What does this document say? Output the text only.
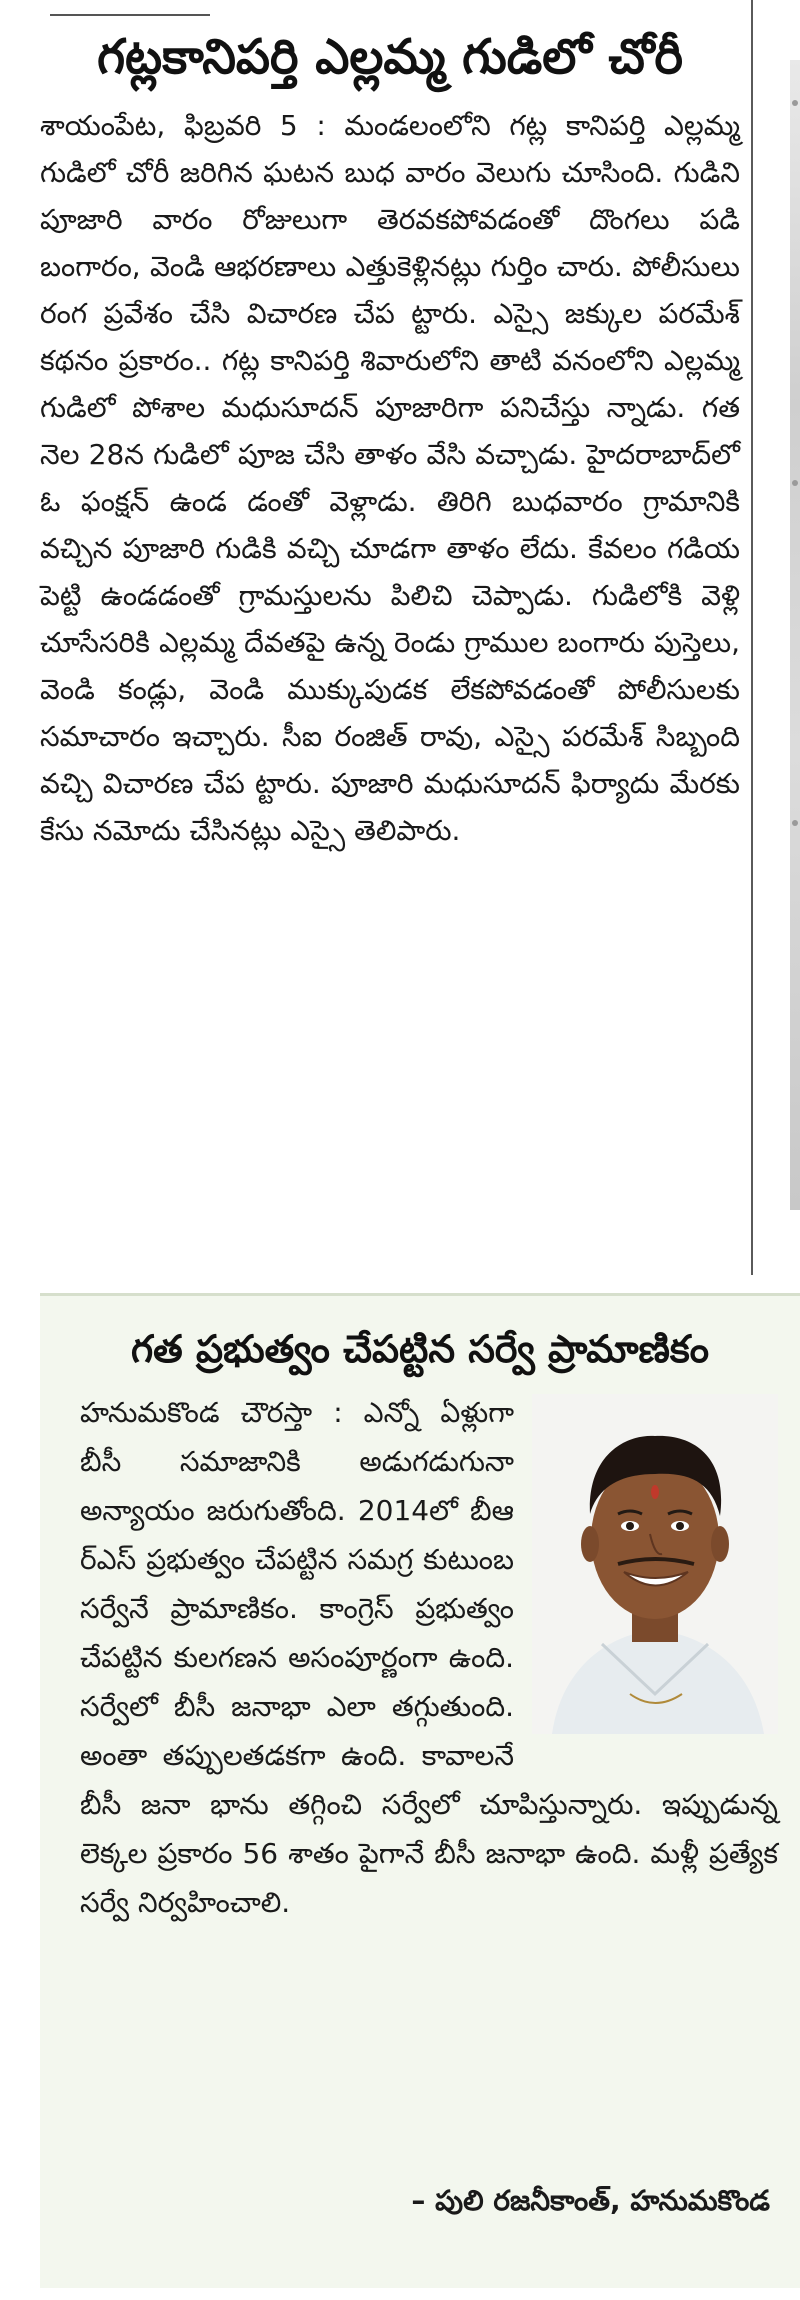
గట్లకానిపర్తి ఎల్లమ్మ గుడిలో చోరీ

శాయంపేట, ఫిబ్రవరి 5 : మండలంలోని గట్ల కానిపర్తి ఎల్లమ్మ గుడిలో చోరీ జరిగిన ఘటన బుధ వారం వెలుగు చూసింది. గుడిని పూజారి వారం రోజులుగా తెరవకపోవడంతో దొంగలు పడి బంగారం, వెండి ఆభరణాలు ఎత్తుకెళ్లినట్లు గుర్తిం చారు. పోలీసులు రంగ ప్రవేశం చేసి విచారణ చేప ట్టారు. ఎస్సై జక్కుల పరమేశ్ కథనం ప్రకారం.. గట్ల కానిపర్తి శివారులోని తాటి వనంలోని ఎల్లమ్మ గుడిలో పోశాల మధుసూదన్ పూజారిగా పనిచేస్తు న్నాడు. గత నెల 28న గుడిలో పూజ చేసి తాళం వేసి వచ్చాడు. హైదరాబాద్‌లో ఓ ఫంక్షన్ ఉండ డంతో వెళ్లాడు. తిరిగి బుధవారం గ్రామానికి వచ్చిన పూజారి గుడికి వచ్చి చూడగా తాళం లేదు. కేవలం గడియ పెట్టి ఉండడంతో గ్రామస్తులను పిలిచి చెప్పాడు. గుడిలోకి వెళ్లి చూసేసరికి ఎల్లమ్మ దేవతపై ఉన్న రెండు గ్రాముల బంగారు పుస్తెలు, వెండి కండ్లు, వెండి ముక్కుపుడక లేకపోవడంతో పోలీసులకు సమాచారం ఇచ్చారు. సీఐ రంజిత్ రావు, ఎస్సై పరమేశ్ సిబ్బంది వచ్చి విచారణ చేప ట్టారు. పూజారి మధుసూదన్ ఫిర్యాదు మేరకు కేసు నమోదు చేసినట్లు ఎస్సై తెలిపారు.

గత ప్రభుత్వం చేపట్టిన సర్వే ప్రామాణికం
హనుమకొండ చౌరస్తా : ఎన్నో ఏళ్లుగా బీసీ సమాజానికి అడుగడుగునా అన్యాయం జరుగుతోంది. 2014లో బీఆ ర్ఎస్ ప్రభుత్వం చేపట్టిన సమగ్ర కుటుంబ సర్వేనే ప్రామాణికం. కాంగ్రెస్ ప్రభుత్వం చేపట్టిన కులగణన అసంపూర్ణంగా ఉంది. సర్వేలో బీసీ జనాభా ఎలా తగ్గుతుంది. అంతా తప్పులతడకగా ఉంది. కావాలనే బీసీ జనా భాను తగ్గించి సర్వేలో చూపిస్తున్నారు. ఇప్పుడున్న లెక్కల ప్రకారం 56 శాతం పైగానే బీసీ జనాభా ఉంది. మళ్లీ ప్రత్యేక సర్వే నిర్వహించాలి.
– పులి రజనీకాంత్, హనుమకొండ
